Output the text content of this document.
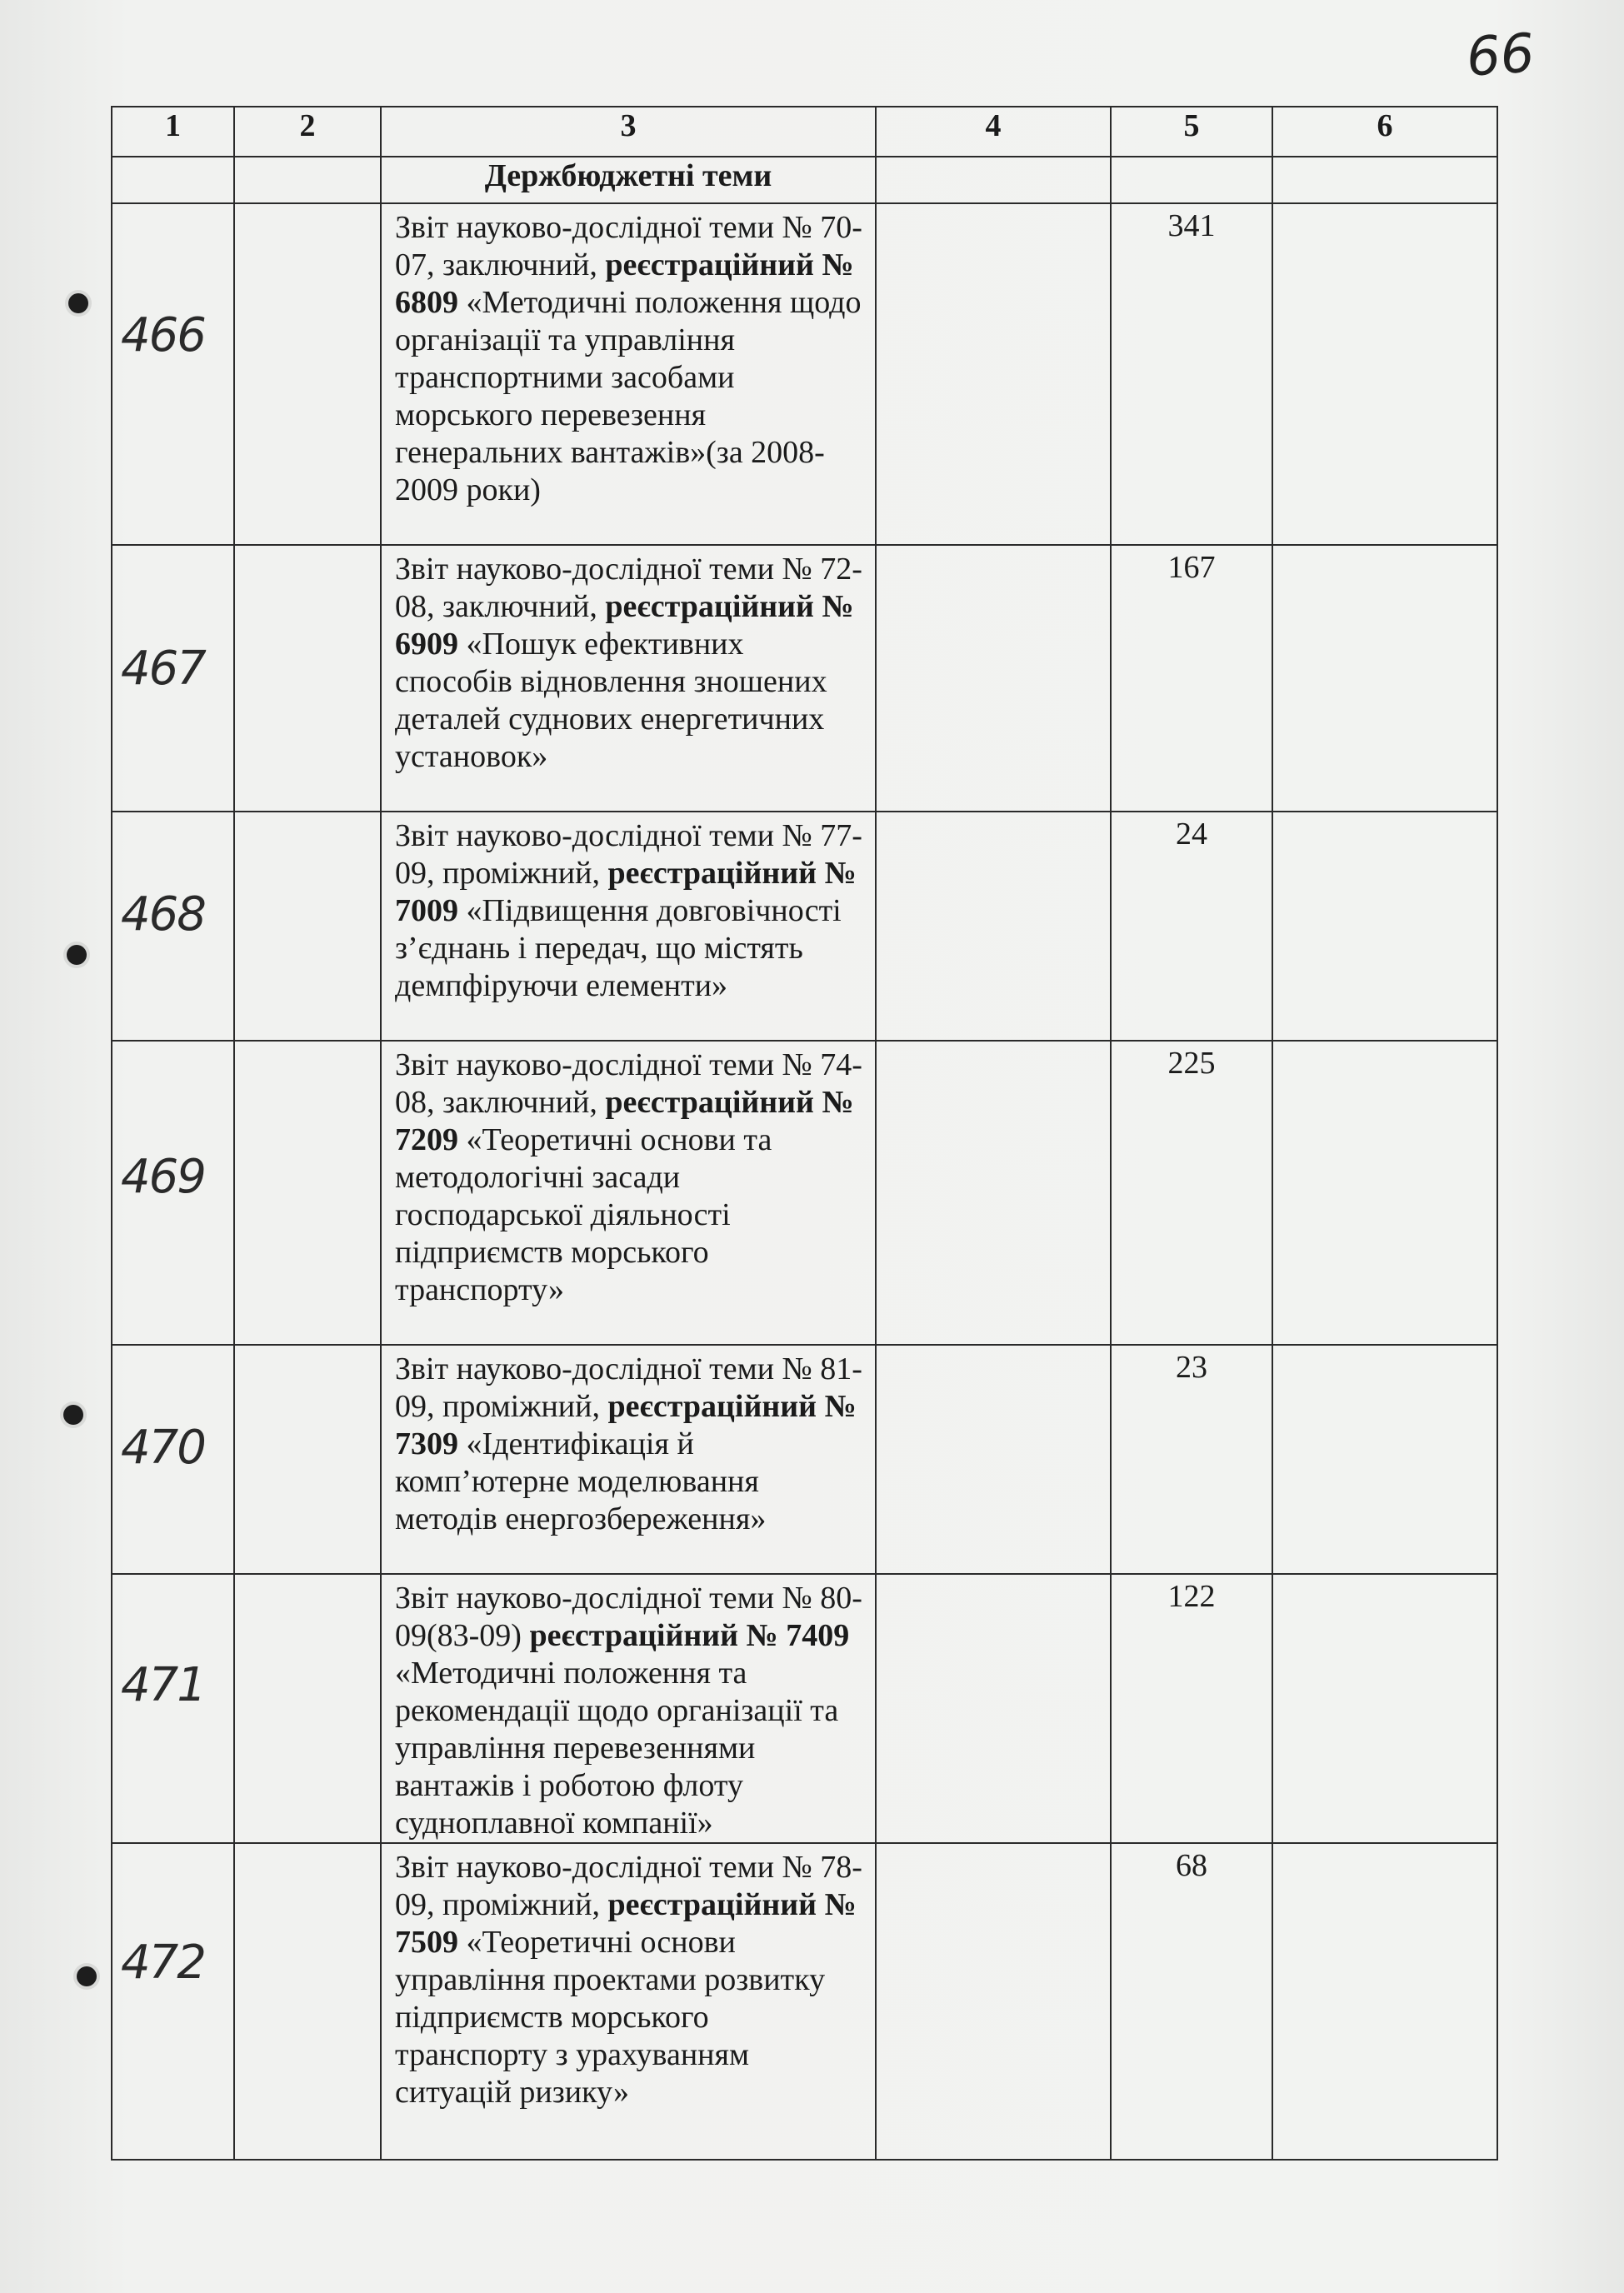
66
1	2	3	4	5	6
		Держбюджетні теми			

466		Звіт науково-дослідної теми № 70-07, заключний, реєстраційний № 6809 «Методичні положення щодо організації та управління транспортними засобами морського перевезення генеральних вантажів»(за 2008-2009 роки)		341	

467		Звіт науково-дослідної теми № 72-08, заключний, реєстраційний № 6909 «Пошук ефективних способів відновлення зношених деталей суднових енергетичних установок»		167	

468		Звіт науково-дослідної теми № 77-09, проміжний, реєстраційний № 7009 «Підвищення довговічності з’єднань і передач, що містять демпфіруючи елементи»		24	

469		Звіт науково-дослідної теми № 74-08, заключний, реєстраційний № 7209 «Теоретичні основи та методологічні засади господарської діяльності підприємств морського транспорту»		225	

470		Звіт науково-дослідної теми № 81-09, проміжний, реєстраційний № 7309 «Ідентифікація й комп’ютерне моделювання методів енергозбереження»		23	

471		Звіт науково-дослідної теми № 80-09(83-09) реєстраційний № 7409 «Методичні положення та рекомендації щодо організації та управління перевезеннями вантажів і роботою флоту судноплавної компанії»		122	

472		Звіт науково-дослідної теми № 78-09, проміжний, реєстраційний № 7509 «Теоретичні основи управління проектами розвитку підприємств морського транспорту з урахуванням ситуацій ризику»		68	
